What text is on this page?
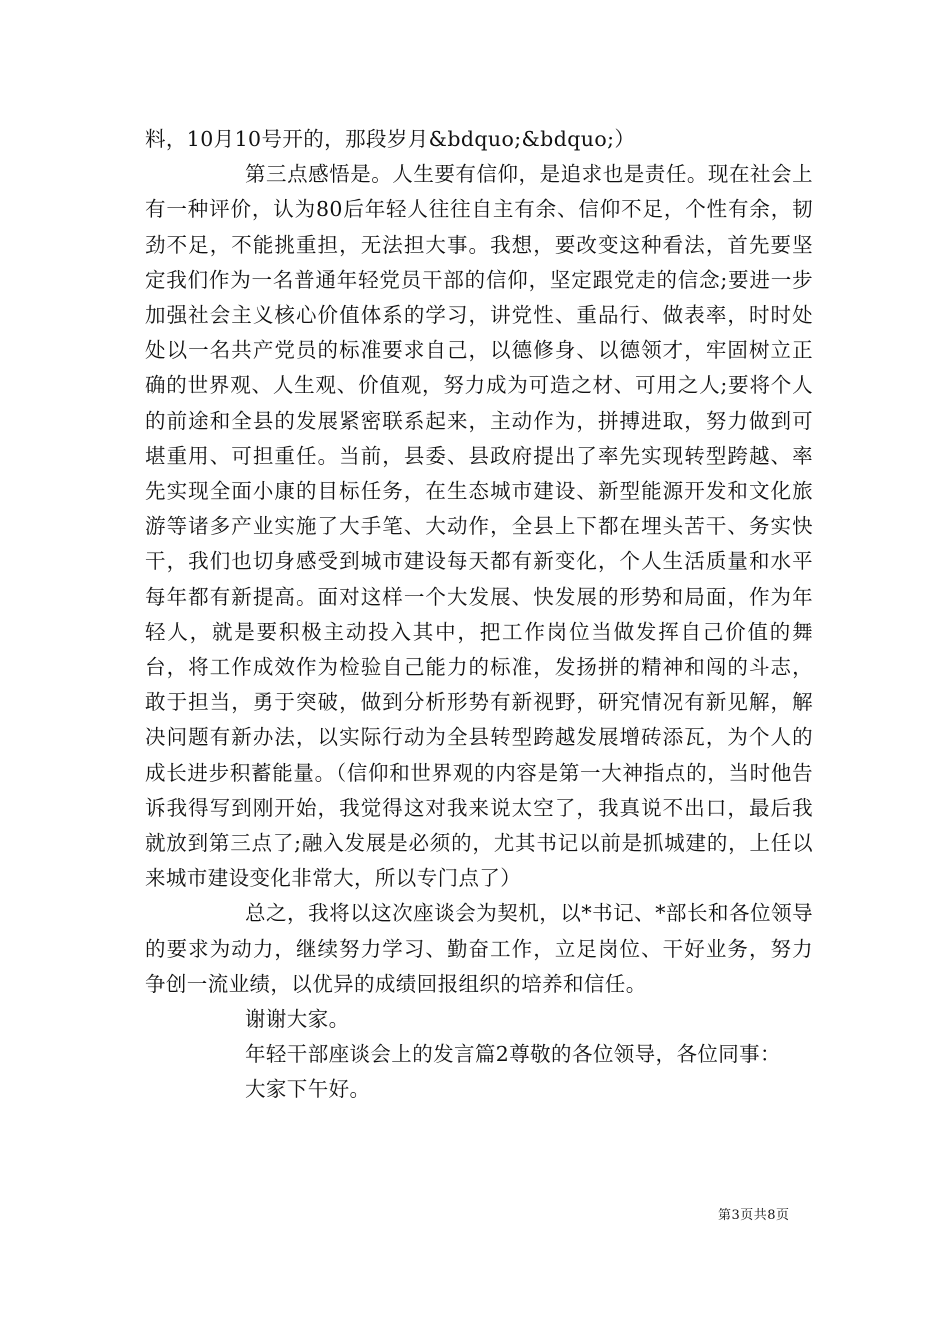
料，10月10号开的，那段岁月&bdquo;&bdquo;）

第三点感悟是。人生要有信仰，是追求也是责任。现在社会上有一种评价，认为80后年轻人往往自主有余、信仰不足，个性有余，韧劲不足，不能挑重担，无法担大事。我想，要改变这种看法，首先要坚定我们作为一名普通年轻党员干部的信仰，坚定跟党走的信念;要进一步加强社会主义核心价值体系的学习，讲党性、重品行、做表率，时时处处以一名共产党员的标准要求自己，以德修身、以德领才，牢固树立正确的世界观、人生观、价值观，努力成为可造之材、可用之人;要将个人的前途和全县的发展紧密联系起来，主动作为，拼搏进取，努力做到可堪重用、可担重任。当前，县委、县政府提出了率先实现转型跨越、率先实现全面小康的目标任务，在生态城市建设、新型能源开发和文化旅游等诸多产业实施了大手笔、大动作，全县上下都在埋头苦干、务实快干，我们也切身感受到城市建设每天都有新变化，个人生活质量和水平每年都有新提高。面对这样一个大发展、快发展的形势和局面，作为年轻人，就是要积极主动投入其中，把工作岗位当做发挥自己价值的舞台，将工作成效作为检验自己能力的标准，发扬拼的精神和闯的斗志，敢于担当，勇于突破，做到分析形势有新视野，研究情况有新见解，解决问题有新办法，以实际行动为全县转型跨越发展增砖添瓦，为个人的成长进步积蓄能量。（信仰和世界观的内容是第一大神指点的，当时他告诉我得写到刚开始，我觉得这对我来说太空了，我真说不出口，最后我就放到第三点了;融入发展是必须的，尤其书记以前是抓城建的，上任以来城市建设变化非常大，所以专门点了）

总之，我将以这次座谈会为契机，以*书记、*部长和各位领导的要求为动力，继续努力学习、勤奋工作，立足岗位、干好业务，努力争创一流业绩，以优异的成绩回报组织的培养和信任。

谢谢大家。

年轻干部座谈会上的发言篇2尊敬的各位领导，各位同事：

大家下午好。

第3页共8页
